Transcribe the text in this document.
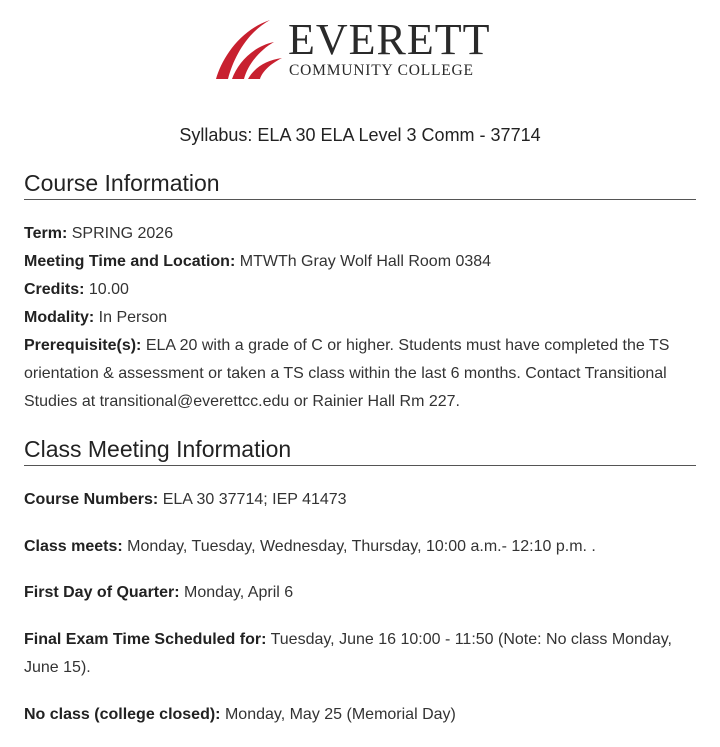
EVERETT
COMMUNITY COLLEGE
Syllabus: ELA 30 ELA Level 3 Comm - 37714
Course Information

Term: SPRING 2026

Meeting Time and Location: MTWTh Gray Wolf Hall Room 0384

Credits: 10.00

Modality: In Person

Prerequisite(s): ELA 20 with a grade of C or higher. Students must have completed the TS orientation & assessment or taken a TS class within the last 6 months. Contact Transitional Studies at transitional@everettcc.edu or Rainier Hall Rm 227.

Class Meeting Information

Course Numbers: ELA 30 37714; IEP 41473

Class meets: Monday, Tuesday, Wednesday, Thursday, 10:00 a.m.- 12:10 p.m. .

First Day of Quarter: Monday, April 6

Final Exam Time Scheduled for: Tuesday, June 16 10:00 - 11:50 (Note: No class Monday, June 15).

No class (college closed): Monday, May 25 (Memorial Day)
